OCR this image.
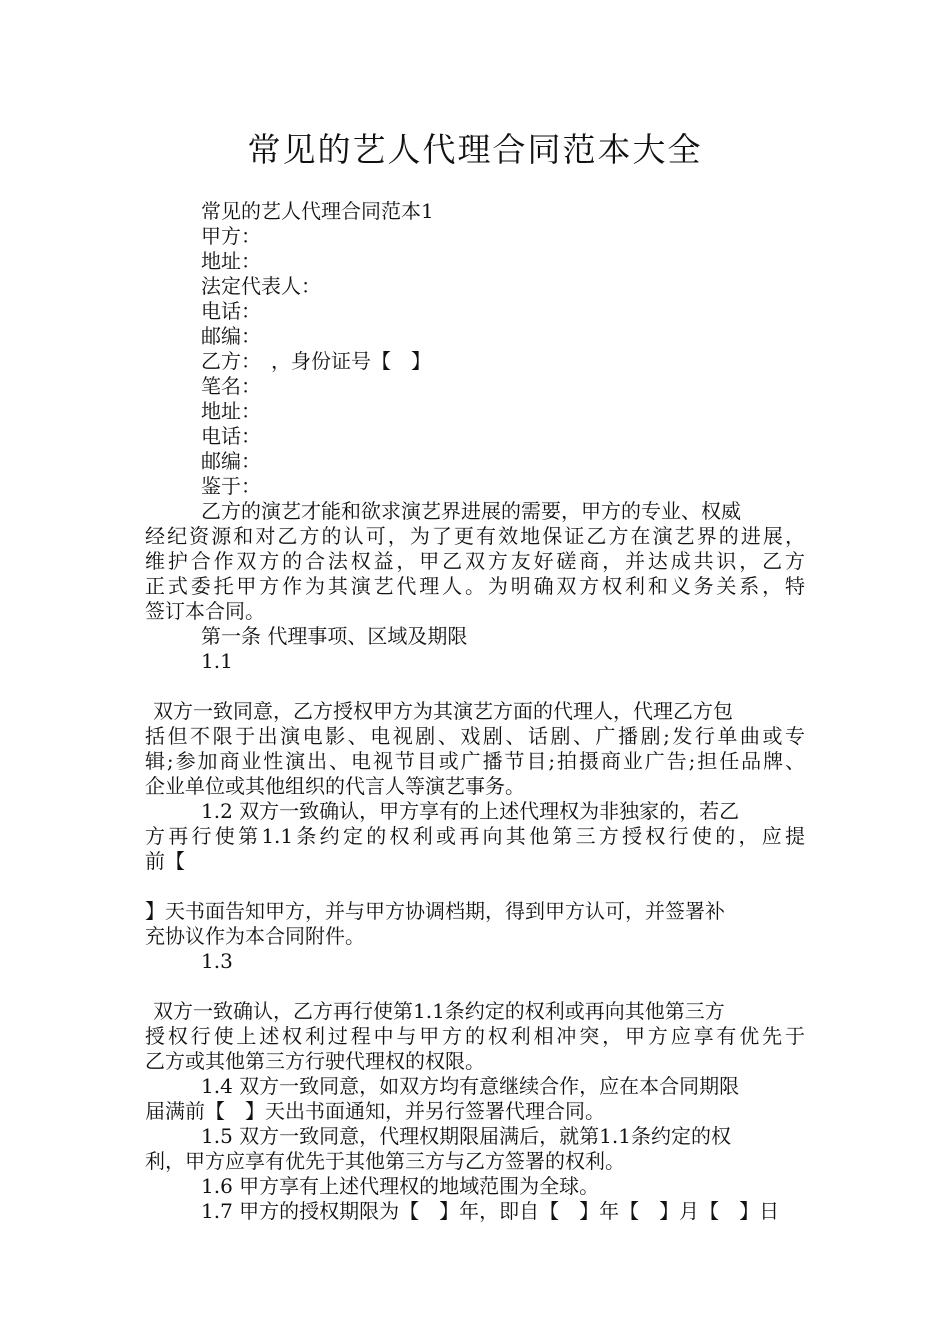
常见的艺人代理合同范本大全
常见的艺人代理合同范本1
甲方：
地址：
法定代表人：
电话：
邮编：
乙方：　，身份证号【　】
笔名：
地址：
电话：
邮编：
鉴于：
乙方的演艺才能和欲求演艺界进展的需要，甲方的专业、权威
经纪资源和对乙方的认可，为了更有效地保证乙方在演艺界的进展，
维护合作双方的合法权益，甲乙双方友好磋商，并达成共识，乙方
正式委托甲方作为其演艺代理人。为明确双方权利和义务关系，特
签订本合同。
第一条 代理事项、区域及期限
1.1
双方一致同意，乙方授权甲方为其演艺方面的代理人，代理乙方包
括但不限于出演电影、电视剧、戏剧、话剧、广播剧;发行单曲或专
辑;参加商业性演出、电视节目或广播节目;拍摄商业广告;担任品牌、
企业单位或其他组织的代言人等演艺事务。
1.2 双方一致确认，甲方享有的上述代理权为非独家的，若乙
方再行使第1.1条约定的权利或再向其他第三方授权行使的，应提
前【
】天书面告知甲方，并与甲方协调档期，得到甲方认可，并签署补
充协议作为本合同附件。
1.3
双方一致确认，乙方再行使第1.1条约定的权利或再向其他第三方
授权行使上述权利过程中与甲方的权利相冲突，甲方应享有优先于
乙方或其他第三方行驶代理权的权限。
1.4 双方一致同意，如双方均有意继续合作，应在本合同期限
届满前【　】天出书面通知，并另行签署代理合同。
1.5 双方一致同意，代理权期限届满后，就第1.1条约定的权
利，甲方应享有优先于其他第三方与乙方签署的权利。
1.6 甲方享有上述代理权的地域范围为全球。
1.7 甲方的授权期限为【　】年，即自【　】年【　】月【　】日
